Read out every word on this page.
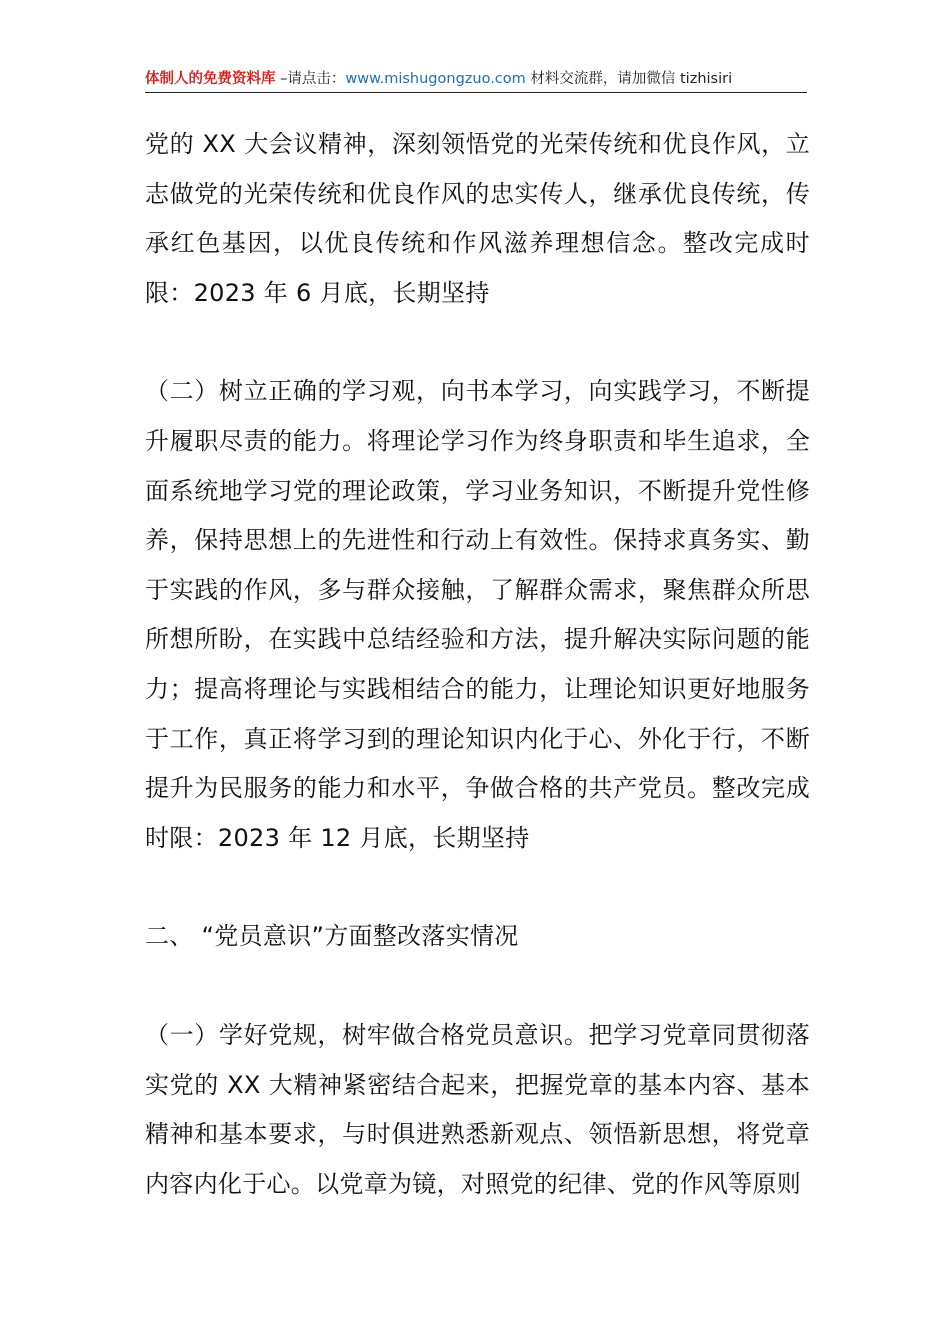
体制人的免费资料库 –请点击：www.mishugongzuo.com 材料交流群，请加微信 tizhisiri

党的 XX 大会议精神，深刻领悟党的光荣传统和优良作风，立志做党的光荣传统和优良作风的忠实传人，继承优良传统，传承红色基因，以优良传统和作风滋养理想信念。整改完成时限：2023 年 6 月底，长期坚持

（二）树立正确的学习观，向书本学习，向实践学习，不断提升履职尽责的能力。将理论学习作为终身职责和毕生追求，全面系统地学习党的理论政策，学习业务知识，不断提升党性修养，保持思想上的先进性和行动上有效性。保持求真务实、勤于实践的作风，多与群众接触，了解群众需求，聚焦群众所思所想所盼，在实践中总结经验和方法，提升解决实际问题的能力；提高将理论与实践相结合的能力，让理论知识更好地服务于工作，真正将学习到的理论知识内化于心、外化于行，不断提升为民服务的能力和水平，争做合格的共产党员。整改完成时限：2023 年 12 月底，长期坚持

二、 “党员意识”方面整改落实情况

（一）学好党规，树牢做合格党员意识。把学习党章同贯彻落实党的 XX 大精神紧密结合起来，把握党章的基本内容、基本精神和基本要求，与时俱进熟悉新观点、领悟新思想，将党章内容内化于心。以党章为镜，对照党的纪律、党的作风等原则
